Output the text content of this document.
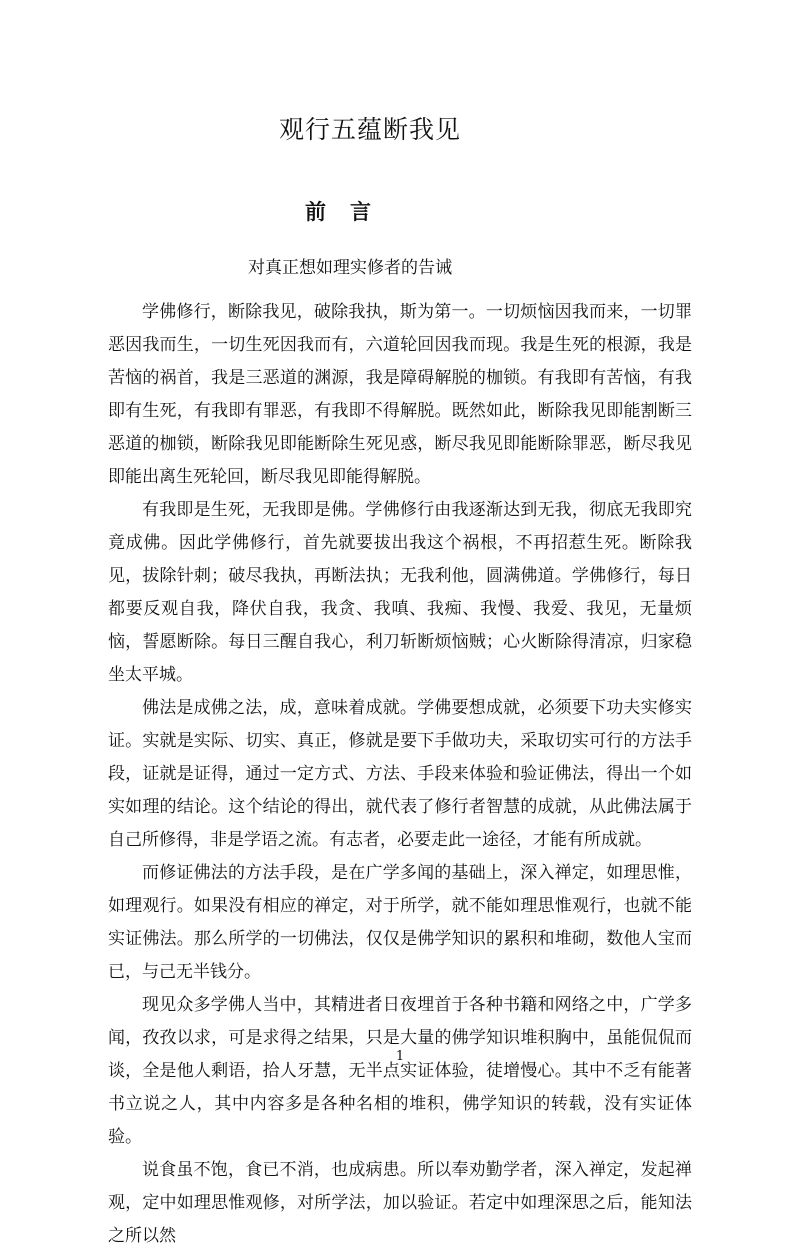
观行五蕴断我见
前言
对真正想如理实修者的告诫

学佛修行，断除我见，破除我执，斯为第一。一切烦恼因我而来，一切罪恶因我而生，一切生死因我而有，六道轮回因我而现。我是生死的根源，我是苦恼的祸首，我是三恶道的渊源，我是障碍解脱的枷锁。有我即有苦恼，有我即有生死，有我即有罪恶，有我即不得解脱。既然如此，断除我见即能割断三恶道的枷锁，断除我见即能断除生死见惑，断尽我见即能断除罪恶，断尽我见即能出离生死轮回，断尽我见即能得解脱。

有我即是生死，无我即是佛。学佛修行由我逐渐达到无我，彻底无我即究竟成佛。因此学佛修行，首先就要拔出我这个祸根，不再招惹生死。断除我见，拔除针刺；破尽我执，再断法执；无我利他，圆满佛道。学佛修行，每日都要反观自我，降伏自我，我贪、我嗔、我痴、我慢、我爱、我见，无量烦恼，誓愿断除。每日三醒自我心，利刀斩断烦恼贼；心火断除得清凉，归家稳坐太平城。

佛法是成佛之法，成，意味着成就。学佛要想成就，必须要下功夫实修实证。实就是实际、切实、真正，修就是要下手做功夫，采取切实可行的方法手段，证就是证得，通过一定方式、方法、手段来体验和验证佛法，得出一个如实如理的结论。这个结论的得出，就代表了修行者智慧的成就，从此佛法属于自己所修得，非是学语之流。有志者，必要走此一途径，才能有所成就。

而修证佛法的方法手段，是在广学多闻的基础上，深入禅定，如理思惟，如理观行。如果没有相应的禅定，对于所学，就不能如理思惟观行，也就不能实证佛法。那么所学的一切佛法，仅仅是佛学知识的累积和堆砌，数他人宝而已，与己无半钱分。

现见众多学佛人当中，其精进者日夜埋首于各种书籍和网络之中，广学多闻，孜孜以求，可是求得之结果，只是大量的佛学知识堆积胸中，虽能侃侃而谈，全是他人剩语，拾人牙慧，无半点实证体验，徒增慢心。其中不乏有能著书立说之人，其中内容多是各种名相的堆积，佛学知识的转载，没有实证体验。

说食虽不饱，食已不消，也成病患。所以奉劝勤学者，深入禅定，发起禅观，定中如理思惟观修，对所学法，加以验证。若定中如理深思之后，能知法之所以然

1
